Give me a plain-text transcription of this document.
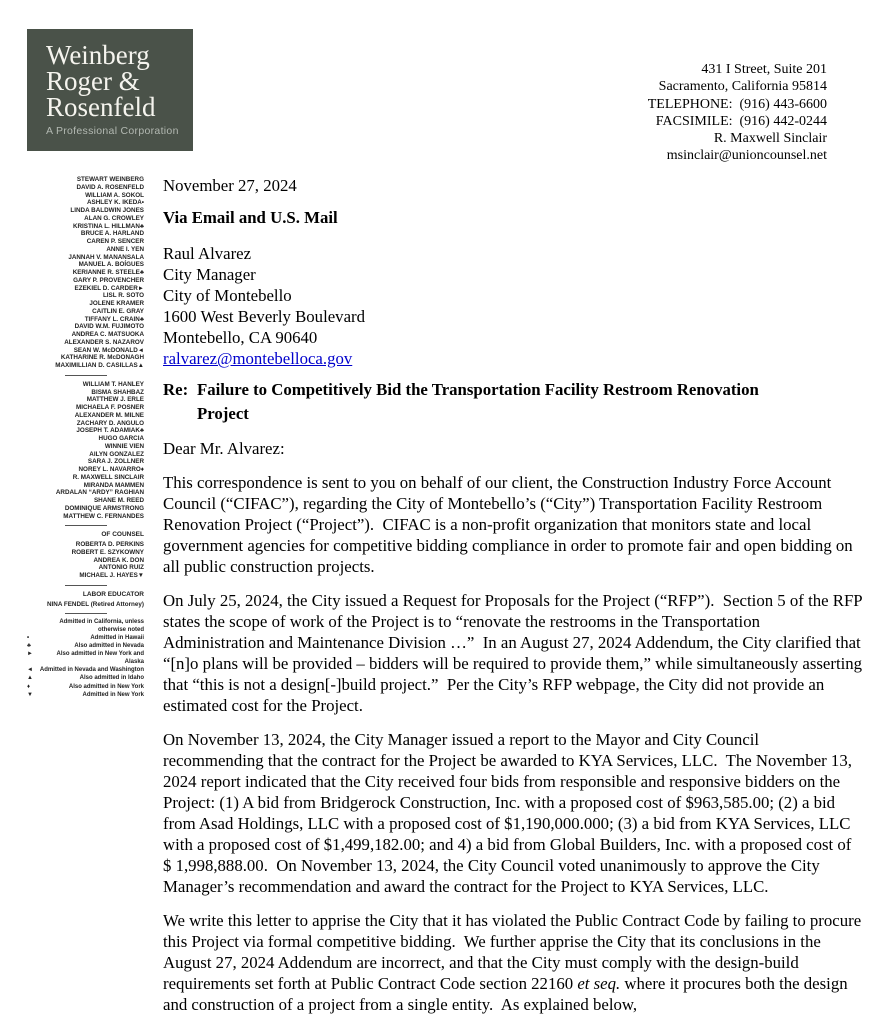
Weinberg
Roger &
Rosenfeld
A Professional Corporation
431 I Street, Suite 201
Sacramento, California 95814
TELEPHONE:  (916) 443-6600
FACSIMILE:  (916) 442-0244
R. Maxwell Sinclair
msinclair@unioncounsel.net
STEWART WEINBERG
DAVID A. ROSENFELD
WILLIAM A. SOKOL
ASHLEY K. IKEDA•
LINDA BALDWIN JONES
ALAN G. CROWLEY
KRISTINA L. HILLMAN♣
BRUCE A. HARLAND
CAREN P. SENCER
ANNE I. YEN
JANNAH V. MANANSALA
MANUEL A. BOÍGUES
KERIANNE R. STEELE♣
GARY P. PROVENCHER
EZEKIEL D. CARDER►
LISL R. SOTO
JOLENE KRAMER
CAITLIN E. GRAY
TIFFANY L. CRAIN♣
DAVID W.M. FUJIMOTO
ANDREA C. MATSUOKA
ALEXANDER S. NAZAROV
SEAN W. McDONALD◄
KATHARINE R. McDONAGH
MAXIMILLIAN D. CASILLAS▲
WILLIAM T. HANLEY
BISMA SHAHBAZ
MATTHEW J. ERLE
MICHAELA F. POSNER
ALEXANDER M. MILNE
ZACHARY D. ANGULO
JOSEPH T. ADAMIAK♣
HUGO GARCIA
WINNIE VIEN
AILYN GONZALEZ
SARA J. ZOLLNER
NOREY L. NAVARRO♦
R. MAXWELL SINCLAIR
MIRANDA MAMMEN
ARDALAN “ARDY” RAGHIAN
SHANE M. REED
DOMINIQUE ARMSTRONG
MATTHEW C. FERNANDES
OF COUNSEL
ROBERTA D. PERKINS
ROBERT E. SZYKOWNY
ANDREA K. DON
ANTONIO RUIZ
MICHAEL J. HAYES▼
LABOR EDUCATOR
NINA FENDEL (Retired Attorney)
Admitted in California, unless otherwise noted
•	Admitted in Hawaii
♣	Also admitted in Nevada
►	Also admitted in New York and Alaska
◄	Admitted in Nevada and Washington
▲	Also admitted in Idaho
♦	Also admitted in New York
▼	Admitted in New York
November 27, 2024
Via Email and U.S. Mail
Raul Alvarez
City Manager
City of Montebello
1600 West Beverly Boulevard
Montebello, CA 90640
ralvarez@montebelloca.gov
Re: Failure to Competitively Bid the Transportation Facility Restroom Renovation Project
Dear Mr. Alvarez:

This correspondence is sent to you on behalf of our client, the Construction Industry Force Account Council (“CIFAC”), regarding the City of Montebello’s (“City”) Transportation Facility Restroom Renovation Project (“Project”).  CIFAC is a non-profit organization that monitors state and local government agencies for competitive bidding compliance in order to promote fair and open bidding on all public construction projects.

On July 25, 2024, the City issued a Request for Proposals for the Project (“RFP”).  Section 5 of the RFP states the scope of work of the Project is to “renovate the restrooms in the Transportation Administration and Maintenance Division …”  In an August 27, 2024 Addendum, the City clarified that “[n]o plans will be provided – bidders will be required to provide them,” while simultaneously asserting that “this is not a design[-]build project.”  Per the City’s RFP webpage, the City did not provide an estimated cost for the Project.

On November 13, 2024, the City Manager issued a report to the Mayor and City Council recommending that the contract for the Project be awarded to KYA Services, LLC.  The November 13, 2024 report indicated that the City received four bids from responsible and responsive bidders on the Project: (1) A bid from Bridgerock Construction, Inc. with a proposed cost of $963,585.00; (2) a bid from Asad Holdings, LLC with a proposed cost of $1,190,000.000; (3) a bid from KYA Services, LLC with a proposed cost of $1,499,182.00; and 4) a bid from Global Builders, Inc. with a proposed cost of $ 1,998,888.00.  On November 13, 2024, the City Council voted unanimously to approve the City Manager’s recommendation and award the contract for the Project to KYA Services, LLC.

We write this letter to apprise the City that it has violated the Public Contract Code by failing to procure this Project via formal competitive bidding.  We further apprise the City that its conclusions in the August 27, 2024 Addendum are incorrect, and that the City must comply with the design-build requirements set forth at Public Contract Code section 22160 et seq. where it procures both the design and construction of a project from a single entity.  As explained below,
